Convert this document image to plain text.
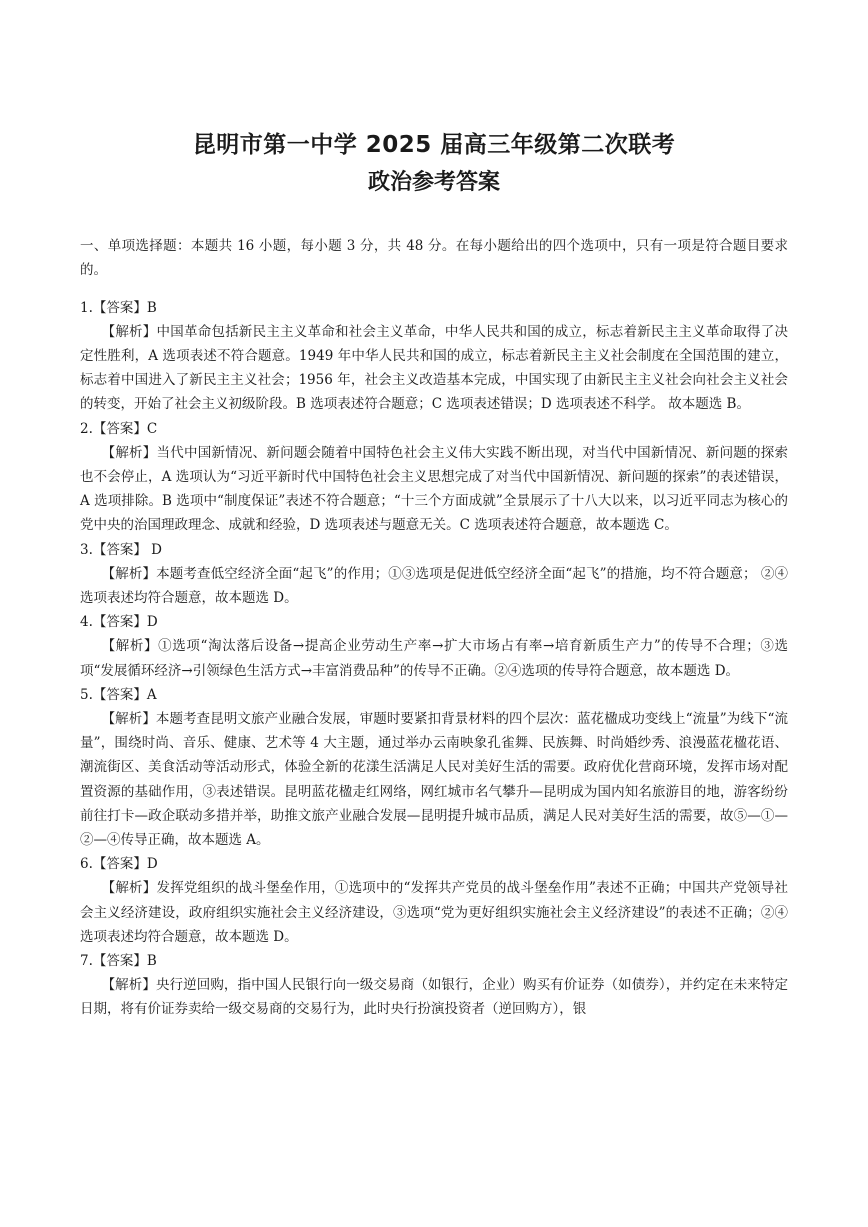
昆明市第一中学 2025 届高三年级第二次联考
政治参考答案

一、单项选择题：本题共 16 小题，每小题 3 分，共 48 分。在每小题给出的四个选项中，只有一项是符合题目要求的。

1.【答案】B

【解析】中国革命包括新民主主义革命和社会主义革命，中华人民共和国的成立，标志着新民主主义革命取得了决定性胜利，A 选项表述不符合题意。1949 年中华人民共和国的成立，标志着新民主主义社会制度在全国范围的建立，标志着中国进入了新民主主义社会；1956 年，社会主义改造基本完成，中国实现了由新民主主义社会向社会主义社会的转变，开始了社会主义初级阶段。B 选项表述符合题意；C 选项表述错误；D 选项表述不科学。 故本题选 B。

2.【答案】C

【解析】当代中国新情况、新问题会随着中国特色社会主义伟大实践不断出现，对当代中国新情况、新问题的探索也不会停止，A 选项认为“习近平新时代中国特色社会主义思想完成了对当代中国新情况、新问题的探索”的表述错误，A 选项排除。B 选项中“制度保证”表述不符合题意；“十三个方面成就”全景展示了十八大以来，以习近平同志为核心的党中央的治国理政理念、成就和经验，D 选项表述与题意无关。C 选项表述符合题意，故本题选 C。

3.【答案】 D

【解析】本题考查低空经济全面“起飞”的作用；①③选项是促进低空经济全面“起飞”的措施，均不符合题意； ②④选项表述均符合题意，故本题选 D。

4.【答案】D

【解析】①选项“淘汰落后设备→提高企业劳动生产率→扩大市场占有率→培育新质生产力”的传导不合理；③选项“发展循环经济→引领绿色生活方式→丰富消费品种”的传导不正确。②④选项的传导符合题意，故本题选 D。

5.【答案】A

【解析】本题考查昆明文旅产业融合发展，审题时要紧扣背景材料的四个层次：蓝花楹成功变线上“流量”为线下“流量”，围绕时尚、音乐、健康、艺术等 4 大主题，通过举办云南映象孔雀舞、民族舞、时尚婚纱秀、浪漫蓝花楹花语、潮流街区、美食活动等活动形式，体验全新的花漾生活满足人民对美好生活的需要。政府优化营商环境，发挥市场对配置资源的基础作用，③表述错误。昆明蓝花楹走红网络，网红城市名气攀升—昆明成为国内知名旅游目的地，游客纷纷前往打卡—政企联动多措并举，助推文旅产业融合发展—昆明提升城市品质，满足人民对美好生活的需要，故⑤—①—②—④传导正确，故本题选 A。

6.【答案】D

【解析】发挥党组织的战斗堡垒作用，①选项中的“发挥共产党员的战斗堡垒作用”表述不正确；中国共产党领导社会主义经济建设，政府组织实施社会主义经济建设，③选项“党为更好组织实施社会主义经济建设”的表述不正确；②④选项表述均符合题意，故本题选 D。

7.【答案】B

【解析】央行逆回购，指中国人民银行向一级交易商（如银行，企业）购买有价证券（如债券），并约定在未来特定日期，将有价证券卖给一级交易商的交易行为，此时央行扮演投资者（逆回购方），银
